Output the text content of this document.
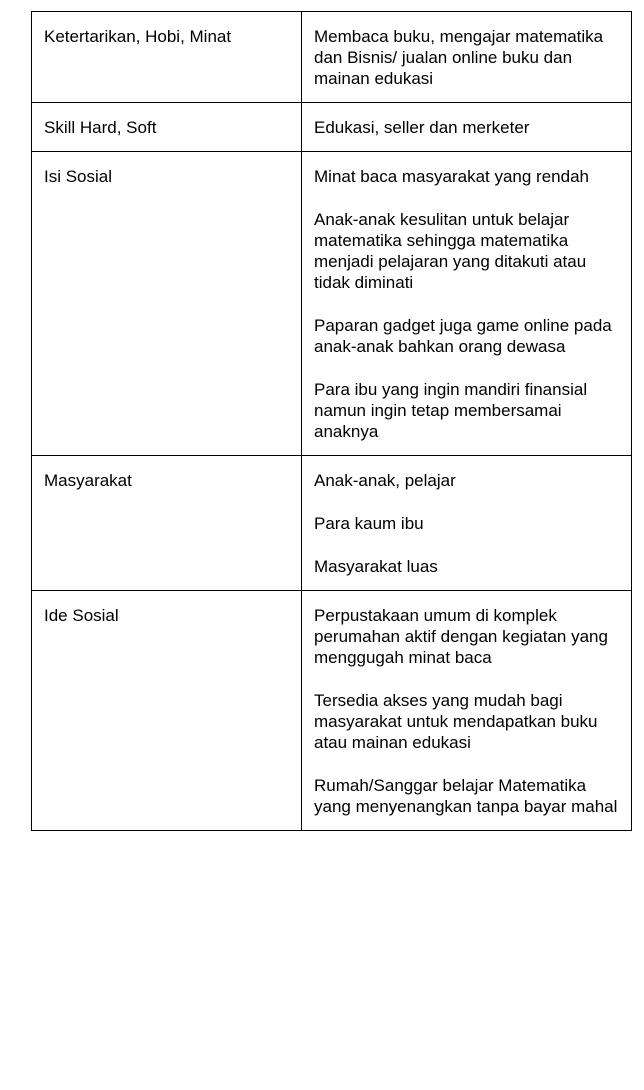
Ketertarikan, Hobi, Minat	Membaca buku, mengajar matematika dan Bisnis/ jualan online buku dan mainan edukasi

Skill Hard, Soft	Edukasi, seller dan merketer

Isi Sosial	Minat baca masyarakat yang rendah

Anak-anak kesulitan untuk belajar matematika sehingga matematika menjadi pelajaran yang ditakuti atau tidak diminati

Paparan gadget juga game online pada anak-anak bahkan orang dewasa

Para ibu yang ingin mandiri finansial namun ingin tetap membersamai anaknya

Masyarakat	Anak-anak, pelajar

Para kaum ibu

Masyarakat luas

Ide Sosial	Perpustakaan umum di komplek perumahan aktif dengan kegiatan yang menggugah minat baca

Tersedia akses yang mudah bagi masyarakat untuk mendapatkan buku atau mainan edukasi

Rumah/Sanggar belajar Matematika yang menyenangkan tanpa bayar mahal
